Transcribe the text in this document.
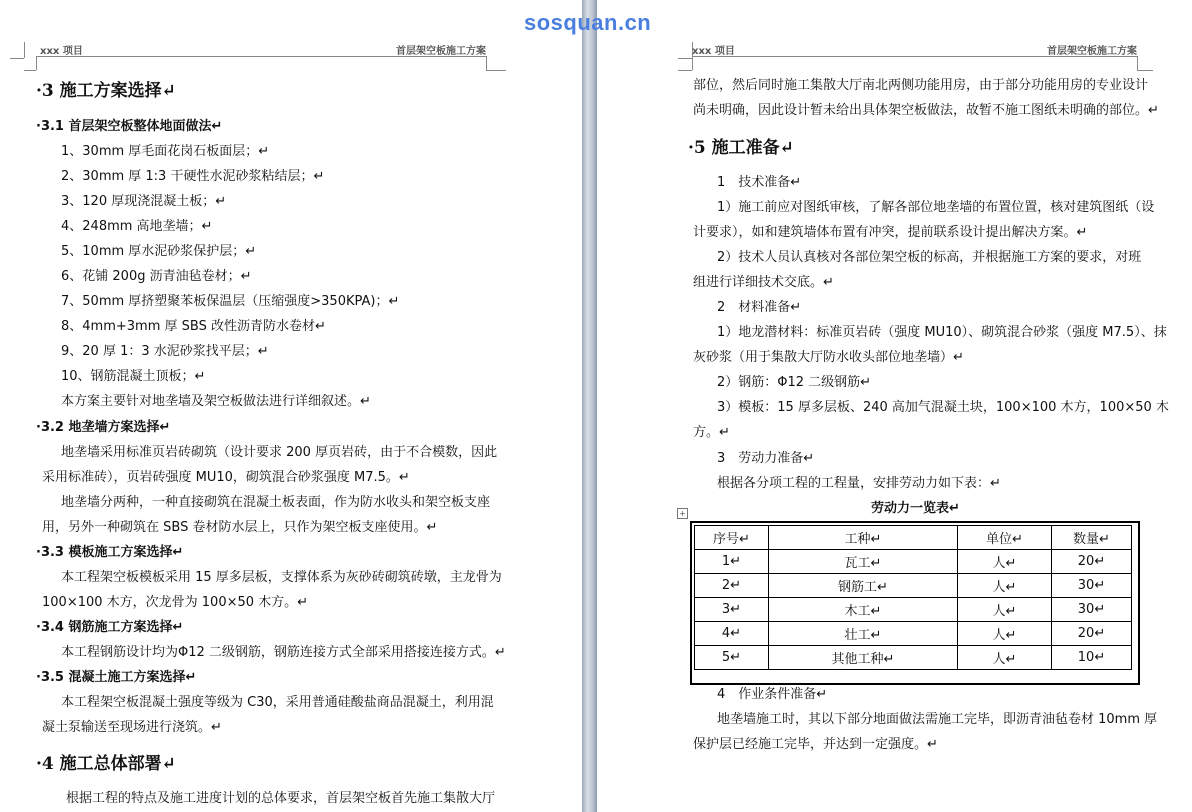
xxx 项目	首层架空板施工方案
·3 施工方案选择↵
·3.1 首层架空板整体地面做法↵
1、30mm 厚毛面花岗石板面层；↵
2、30mm 厚 1:3 干硬性水泥砂浆粘结层；↵
3、120 厚现浇混凝土板；↵
4、248mm 高地垄墙；↵
5、10mm 厚水泥砂浆保护层；↵
6、花铺 200g 沥青油毡卷材；↵
7、50mm 厚挤塑聚苯板保温层（压缩强度>350KPA)；↵
8、4mm+3mm 厚 SBS 改性沥青防水卷材↵
9、20 厚 1：3 水泥砂浆找平层；↵
10、钢筋混凝土顶板；↵
本方案主要针对地垄墙及架空板做法进行详细叙述。↵
·3.2 地垄墙方案选择↵
地垄墙采用标准页岩砖砌筑（设计要求 200 厚页岩砖，由于不合模数，因此
采用标准砖），页岩砖强度 MU10，砌筑混合砂浆强度 M7.5。↵
地垄墙分两种，一种直接砌筑在混凝土板表面，作为防水收头和架空板支座
用，另外一种砌筑在 SBS 卷材防水层上，只作为架空板支座使用。↵
·3.3 模板施工方案选择↵
本工程架空板模板采用 15 厚多层板，支撑体系为灰砂砖砌筑砖墩，主龙骨为
100×100 木方，次龙骨为 100×50 木方。↵
·3.4 钢筋施工方案选择↵
本工程钢筋设计均为Φ12 二级钢筋，钢筋连接方式全部采用搭接连接方式。↵
·3.5 混凝土施工方案选择↵
本工程架空板混凝土强度等级为 C30，采用普通硅酸盐商品混凝土，利用混
凝土泵输送至现场进行浇筑。↵
·4 施工总体部署↵
根据工程的特点及施工进度计划的总体要求，首层架空板首先施工集散大厅
xxx 项目	首层架空板施工方案
部位，然后同时施工集散大厅南北两侧功能用房，由于部分功能用房的专业设计
尚未明确，因此设计暂未给出具体架空板做法，故暂不施工图纸未明确的部位。↵
·5 施工准备↵
1　技术准备↵
1）施工前应对图纸审核，了解各部位地垄墙的布置位置，核对建筑图纸（设
计要求），如和建筑墙体布置有冲突，提前联系设计提出解决方案。↵
2）技术人员认真核对各部位架空板的标高，并根据施工方案的要求，对班
组进行详细技术交底。↵
2　材料准备↵
1）地龙潜材料：标准页岩砖（强度 MU10）、砌筑混合砂浆（强度 M7.5）、抹
灰砂浆（用于集散大厅防水收头部位地垄墙）↵
2）钢筋：Φ12 二级钢筋↵
3）模板：15 厚多层板、240 高加气混凝土块，100×100 木方，100×50 木
方。↵
3　劳动力准备↵
根据各分项工程的工程量，安排劳动力如下表：↵
+	劳动力一览表↵
序号↵	工种↵	单位↵	数量↵
1↵	瓦工↵	人↵	20↵
2↵	钢筋工↵	人↵	30↵
3↵	木工↵	人↵	30↵
4↵	壮工↵	人↵	20↵
5↵	其他工种↵	人↵	10↵
4　作业条件准备↵
地垄墙施工时，其以下部分地面做法需施工完毕，即沥青油毡卷材 10mm 厚
保护层已经施工完毕，并达到一定强度。↵
sosquan.cn
